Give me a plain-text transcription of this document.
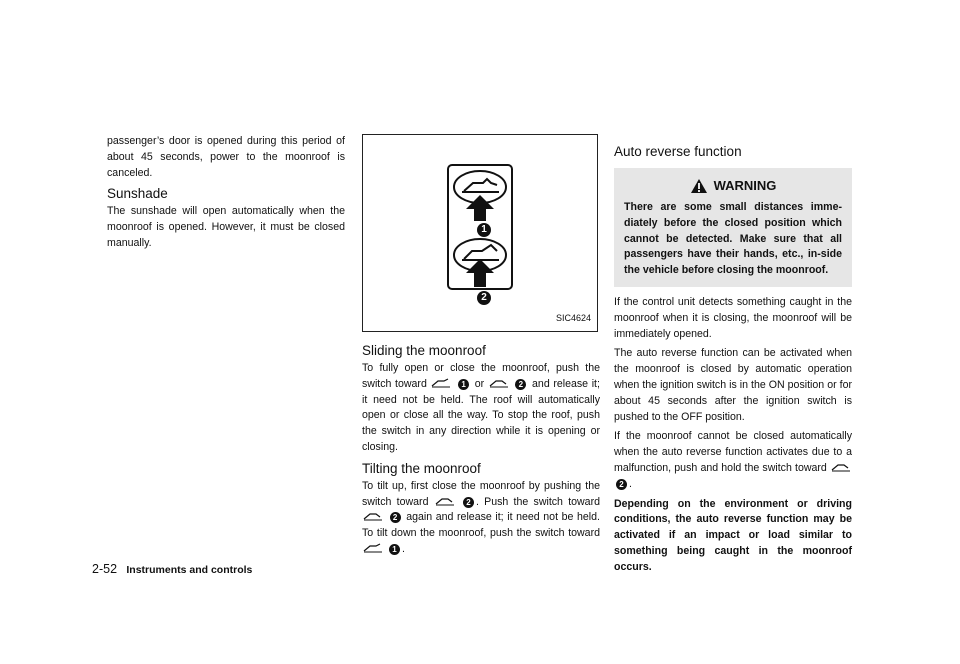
passenger’s door is opened during this period of about 45 seconds, power to the moonroof is canceled.

Sunshade

The sunshade will open automatically when the moonroof is opened. However, it must be closed manually.

1
2
SIC4624
Sliding the moonroof

To fully open or close the moonroof, push the switch toward	1 or	2 and release it; it need not be held. The roof will automatically open or close all the way. To stop the roof, push the switch in any direction while it is opening or closing.

Tilting the moonroof

To tilt up, first close the moonroof by pushing the switch toward	2 . Push the switch toward  2 again and release it; it need not be held. To tilt down the moonroof, push the switch toward  1 .

Auto reverse function
WARNING
There are some small distances imme-diately before the closed position which cannot be detected. Make sure that all passengers have their hands, etc., in-side the vehicle before closing the moonroof.

If the control unit detects something caught in the moonroof when it is closing, the moonroof will be immediately opened.

The auto reverse function can be activated when the moonroof is closed by automatic operation when the ignition switch is in the ON position or for about 45 seconds after the ignition switch is pushed to the OFF position.

If the moonroof cannot be closed automatically when the auto reverse function activates due to a malfunction, push and hold the switch toward  2 .

Depending on the environment or driving conditions, the auto reverse function may be activated if an impact or load similar to something being caught in the moonroof occurs.

2-52 Instruments and controls
